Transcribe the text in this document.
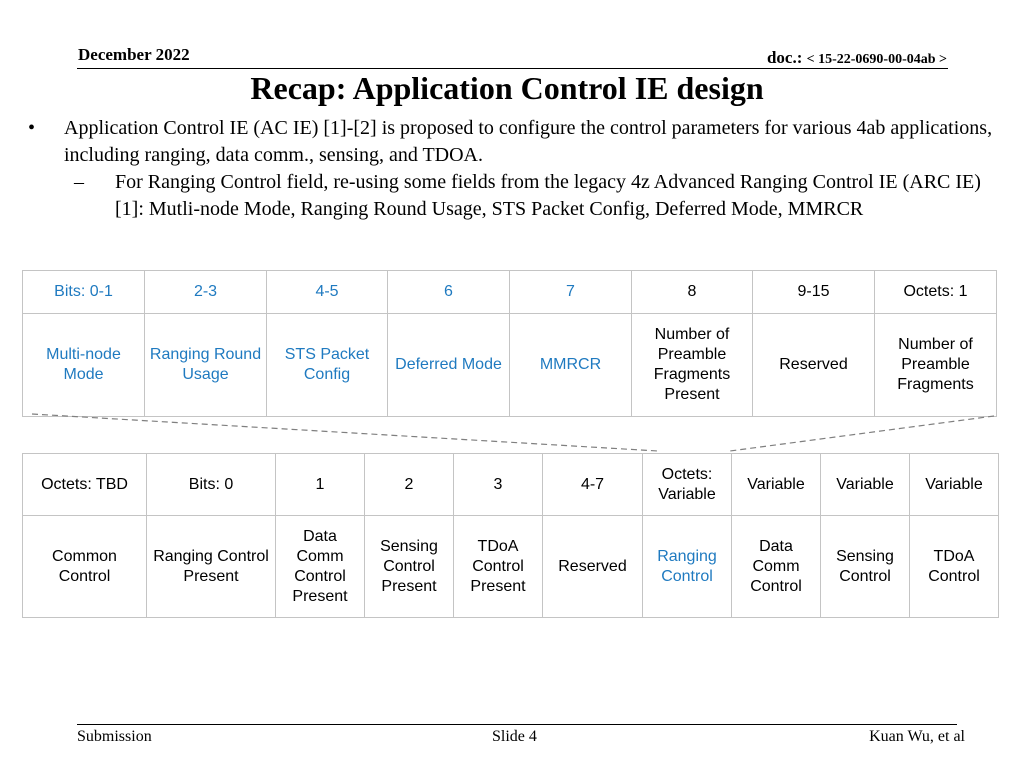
December 2022	doc.: < 15-22-0690-00-04ab >
Recap: Application Control IE design
• Application Control IE (AC IE) [1]-[2] is proposed to configure the control parameters for various 4ab applications, including ranging, data comm., sensing, and TDOA.
– For Ranging Control field, re-using some fields from the legacy 4z Advanced Ranging Control IE (ARC IE) [1]: Mutli-node Mode, Ranging Round Usage, STS Packet Config, Deferred Mode, MMRCR
Bits: 0-1	2-3	4-5	6	7	8	9-15	Octets: 1
Multi-node Mode	Ranging Round Usage	STS Packet Config	Deferred Mode	MMRCR	Number of Preamble Fragments Present	Reserved	Number of Preamble Fragments
Octets: TBD	Bits: 0	1	2	3	4-7	Octets: Variable	Variable	Variable	Variable
Common Control	Ranging Control Present	Data Comm Control Present	Sensing Control Present	TDoA Control Present	Reserved	Ranging Control	Data Comm Control	Sensing Control	TDoA Control
Submission	Slide 4	Kuan Wu, et al
